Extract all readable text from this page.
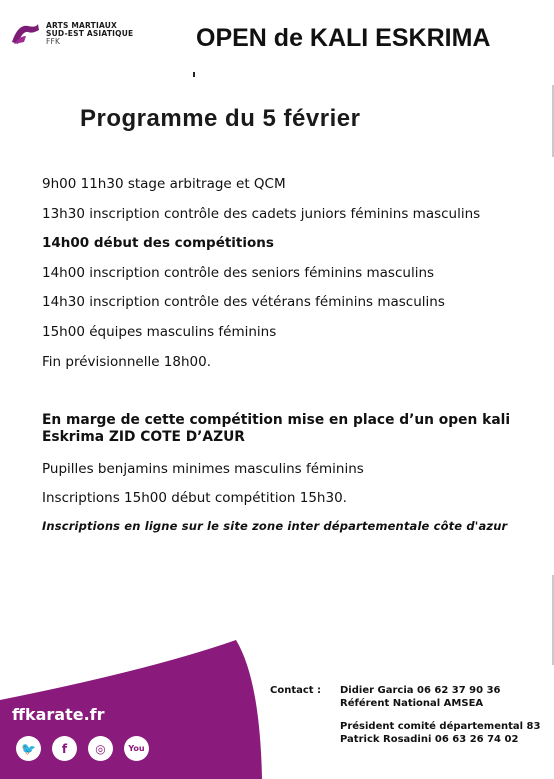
ARTS MARTIAUX
SUD-EST ASIATIQUE
FFK	OPEN de KALI ESKRIMA
Programme du 5 février
9h00 11h30 stage arbitrage et QCM
13h30 inscription contrôle des cadets juniors féminins masculins
14h00 début des compétitions
14h00 inscription contrôle des seniors féminins masculins
14h30 inscription contrôle des vétérans féminins masculins
15h00 équipes masculins féminins
Fin prévisionnelle 18h00.
En marge de cette compétition mise en place d’un open kali Eskrima ZID COTE D’AZUR
Pupilles benjamins minimes masculins féminins
Inscriptions 15h00 début compétition 15h30.
Inscriptions en ligne sur le site zone inter départementale côte d'azur
ffkarate.fr
🐦	f	◎	You
Contact : Didier Garcia 06 62 37 90 36
Référent National AMSEA
Président comité départemental 83
Patrick Rosadini 06 63 26 74 02
